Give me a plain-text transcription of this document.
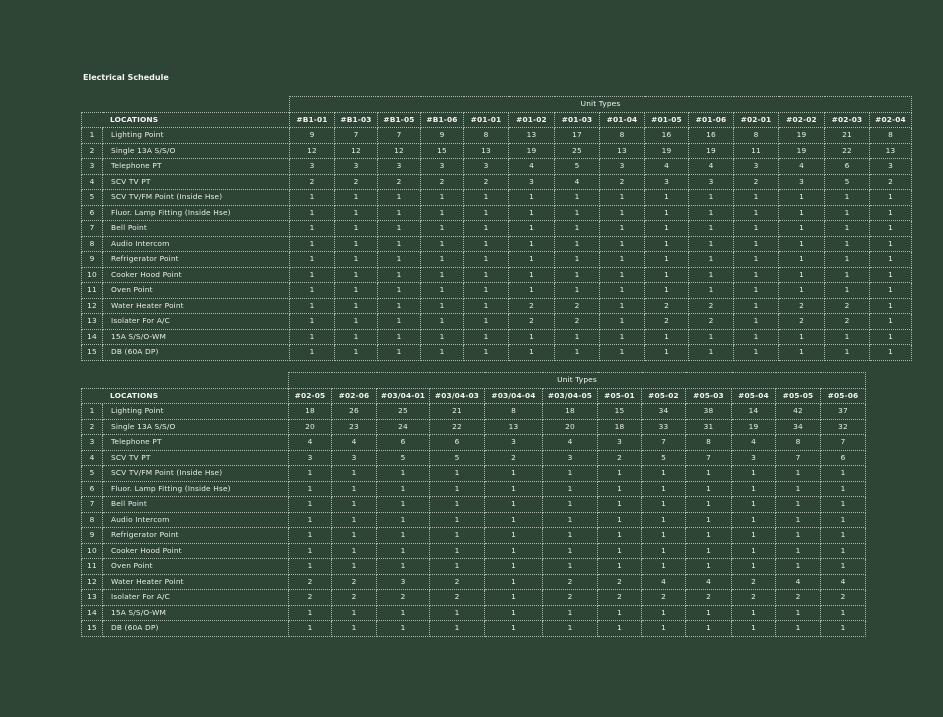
Electrical Schedule
		Unit Types													
LOCATIONS		#B1-01	#B1-03	#B1-05	#B1-06	#01-01	#01-02	#01-03	#01-04	#01-05	#01-06	#02-01	#02-02	#02-03	#02-04
1	Lighting Point	9	7	7	9	8	13	17	8	16	16	8	19	21	8
2	Single 13A S/S/O	12	12	12	15	13	19	25	13	19	19	11	19	22	13
3	Telephone PT	3	3	3	3	3	4	5	3	4	4	3	4	6	3
4	SCV TV PT	2	2	2	2	2	3	4	2	3	3	2	3	5	2
5	SCV TV/FM Point (Inside Hse)	1	1	1	1	1	1	1	1	1	1	1	1	1	1
6	Fluor. Lamp Fitting (Inside Hse)	1	1	1	1	1	1	1	1	1	1	1	1	1	1
7	Bell Point	1	1	1	1	1	1	1	1	1	1	1	1	1	1
8	Audio Intercom	1	1	1	1	1	1	1	1	1	1	1	1	1	1
9	Refrigerator Point	1	1	1	1	1	1	1	1	1	1	1	1	1	1
10	Cooker Hood Point	1	1	1	1	1	1	1	1	1	1	1	1	1	1
11	Oven Point	1	1	1	1	1	1	1	1	1	1	1	1	1	1
12	Water Heater Point	1	1	1	1	1	2	2	1	2	2	1	2	2	1
13	Isolater For A/C	1	1	1	1	1	2	2	1	2	2	1	2	2	1
14	15A S/S/O-WM	1	1	1	1	1	1	1	1	1	1	1	1	1	1
15	DB (60A DP)	1	1	1	1	1	1	1	1	1	1	1	1	1	1
		Unit Types											
LOCATIONS		#02-05	#02-06	#03/04-01	#03/04-03	#03/04-04	#03/04-05	#05-01	#05-02	#05-03	#05-04	#05-05	#05-06
1	Lighting Point	18	26	25	21	8	18	15	34	38	14	42	37
2	Single 13A S/S/O	20	23	24	22	13	20	18	33	31	19	34	32
3	Telephone PT	4	4	6	6	3	4	3	7	8	4	8	7
4	SCV TV PT	3	3	5	5	2	3	2	5	7	3	7	6
5	SCV TV/FM Point (Inside Hse)	1	1	1	1	1	1	1	1	1	1	1	1
6	Fluor. Lamp Fitting (Inside Hse)	1	1	1	1	1	1	1	1	1	1	1	1
7	Bell Point	1	1	1	1	1	1	1	1	1	1	1	1
8	Audio Intercom	1	1	1	1	1	1	1	1	1	1	1	1
9	Refrigerator Point	1	1	1	1	1	1	1	1	1	1	1	1
10	Cooker Hood Point	1	1	1	1	1	1	1	1	1	1	1	1
11	Oven Point	1	1	1	1	1	1	1	1	1	1	1	1
12	Water Heater Point	2	2	3	2	1	2	2	4	4	2	4	4
13	Isolater For A/C	2	2	2	2	1	2	2	2	2	2	2	2
14	15A S/S/O-WM	1	1	1	1	1	1	1	1	1	1	1	1
15	DB (60A DP)	1	1	1	1	1	1	1	1	1	1	1	1
